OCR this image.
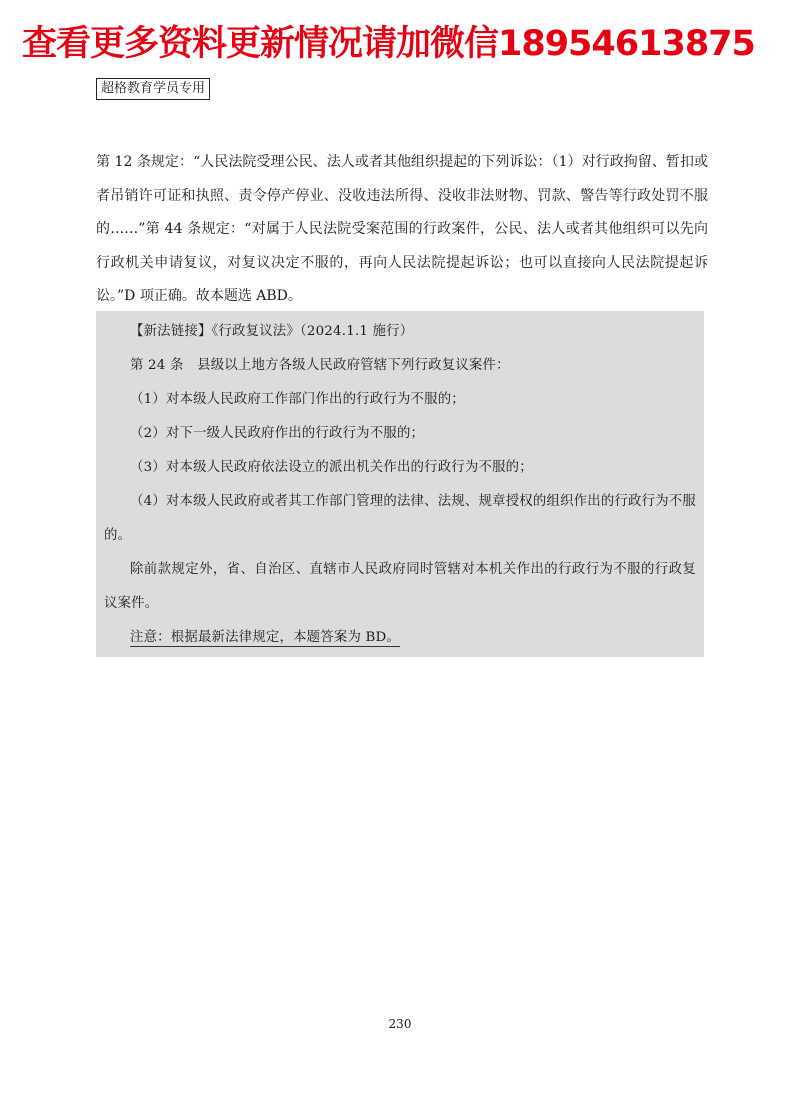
查看更多资料更新情况请加微信18954613875
超格教育学员专用

第 12 条规定：“人民法院受理公民、法人或者其他组织提起的下列诉讼：（1）对行政拘留、暂扣或者吊销许可证和执照、责令停产停业、没收违法所得、没收非法财物、罚款、警告等行政处罚不服的……”第 44 条规定：“对属于人民法院受案范围的行政案件，公民、法人或者其他组织可以先向行政机关申请复议，对复议决定不服的，再向人民法院提起诉讼；也可以直接向人民法院提起诉讼。”D 项正确。故本题选 ABD。

【新法链接】《行政复议法》（2024.1.1 施行）

第 24 条　县级以上地方各级人民政府管辖下列行政复议案件：

（1）对本级人民政府工作部门作出的行政行为不服的；

（2）对下一级人民政府作出的行政行为不服的；

（3）对本级人民政府依法设立的派出机关作出的行政行为不服的；

（4）对本级人民政府或者其工作部门管理的法律、法规、规章授权的组织作出的行政行为不服的。

除前款规定外，省、自治区、直辖市人民政府同时管辖对本机关作出的行政行为不服的行政复议案件。

注意：根据最新法律规定，本题答案为 BD。

230
